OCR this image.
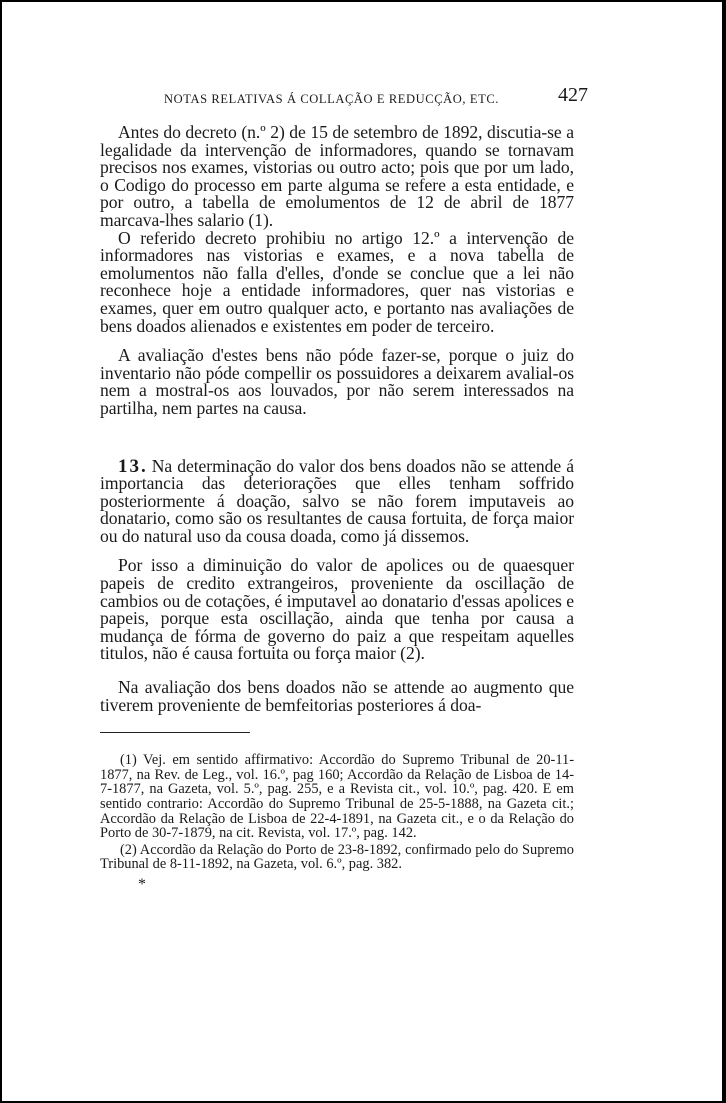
NOTAS RELATIVAS Á COLLAÇÃO E REDUCÇÃO, ETC.	427

Antes do decreto (n.º 2) de 15 de setembro de 1892, discutia-se a legalidade da intervenção de informadores, quando se tornavam precisos nos exames, vistorias ou outro acto; pois que por um lado, o Codigo do processo em parte alguma se refere a esta entidade, e por outro, a tabella de emolumentos de 12 de abril de 1877 marcava-lhes salario (1).

O referido decreto prohibiu no artigo 12.º a intervenção de informadores nas vistorias e exames, e a nova tabella de emolumentos não falla d'elles, d'onde se conclue que a lei não reconhece hoje a entidade informadores, quer nas vistorias e exames, quer em outro qualquer acto, e portanto nas avaliações de bens doados alienados e existentes em poder de terceiro.

A avaliação d'estes bens não póde fazer-se, porque o juiz do inventario não póde compellir os possuidores a deixarem avalial-os nem a mostral-os aos louvados, por não serem interessados na partilha, nem partes na causa.

13. Na determinação do valor dos bens doados não se attende á importancia das deteriorações que elles tenham soffrido posteriormente á doação, salvo se não forem imputaveis ao donatario, como são os resultantes de causa fortuita, de força maior ou do natural uso da cousa doada, como já dissemos.

Por isso a diminuição do valor de apolices ou de quaesquer papeis de credito extrangeiros, proveniente da oscillação de cambios ou de cotações, é imputavel ao donatario d'essas apolices e papeis, porque esta oscillação, ainda que tenha por causa a mudança de fórma de governo do paiz a que respeitam aquelles titulos, não é causa fortuita ou força maior (2).

Na avaliação dos bens doados não se attende ao augmento que tiverem proveniente de bemfeitorias posteriores á doa-

(1) Vej. em sentido affirmativo: Accordão do Supremo Tribunal de 20-11-1877, na Rev. de Leg., vol. 16.º, pag 160; Accordão da Relação de Lisboa de 14-7-1877, na Gazeta, vol. 5.º, pag. 255, e a Revista cit., vol. 10.º, pag. 420. E em sentido contrario: Accordão do Supremo Tribunal de 25-5-1888, na Gazeta cit.; Accordão da Relação de Lisboa de 22-4-1891, na Gazeta cit., e o da Relação do Porto de 30-7-1879, na cit. Revista, vol. 17.º, pag. 142.

(2) Accordão da Relação do Porto de 23-8-1892, confirmado pelo do Supremo Tribunal de 8-11-1892, na Gazeta, vol. 6.º, pag. 382.

*
